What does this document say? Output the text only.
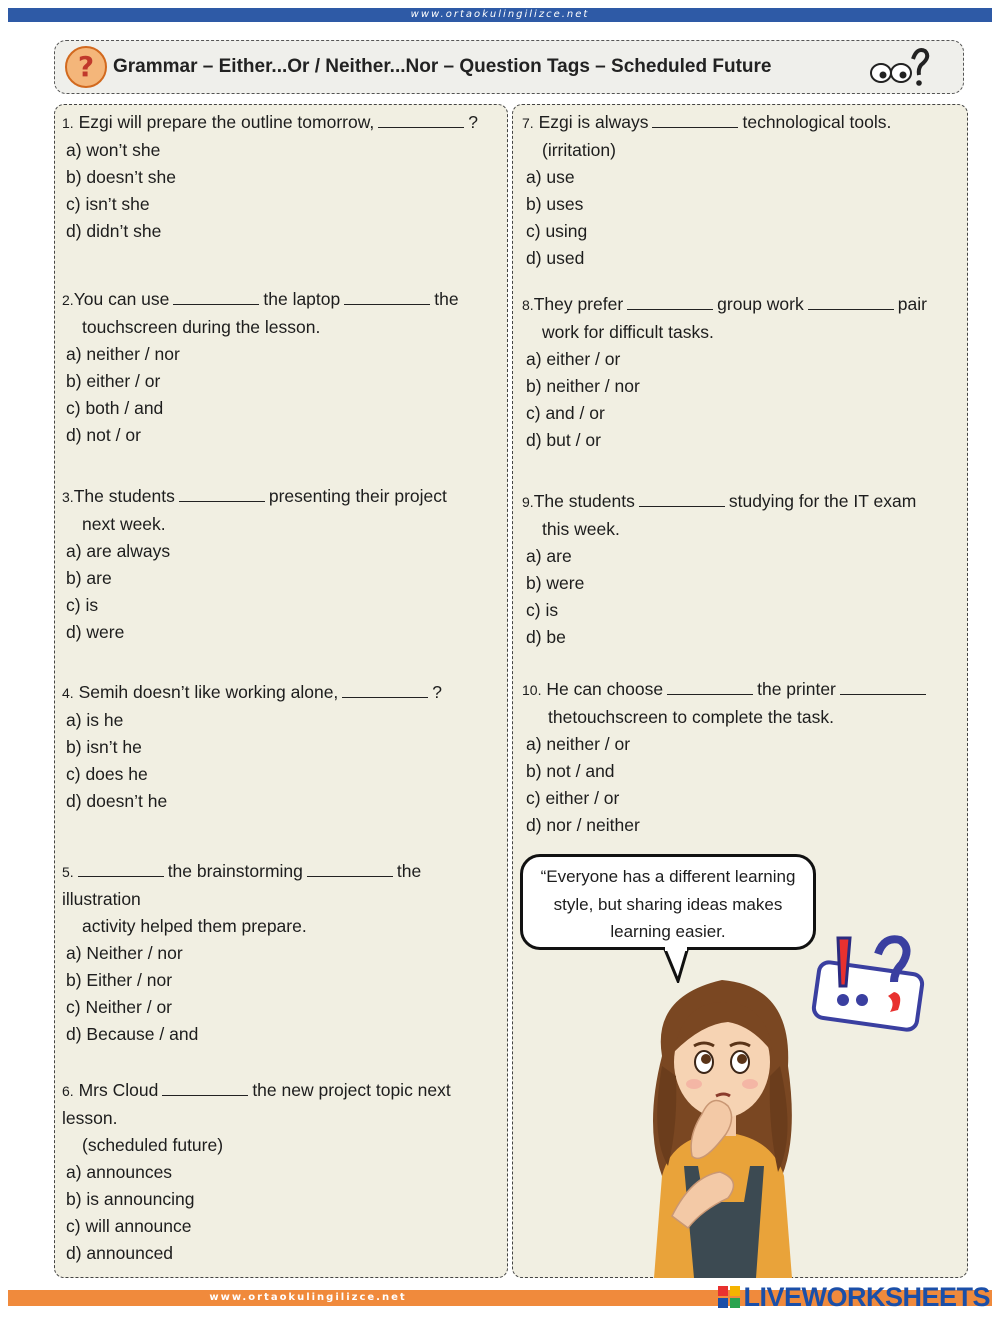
www.ortaokulingilizce.net
? Grammar – Either...Or / Neither...Nor – Question Tags – Scheduled Future
1. Ezgi will prepare the outline tomorrow,	?
a) won’t she
b) doesn’t she
c) isn’t she
d) didn’t she
2.You can use	the laptop	the
touchscreen during the lesson.
a) neither / nor
b) either / or
c) both / and
d) not / or
3.The students	presenting their project
next week.
a) are always
b) are
c) is
d) were
4. Semih doesn’t like working alone,	?
a) is he
b) isn’t he
c) does he
d) doesn’t he
5.	the brainstorming	the
illustration
activity helped them prepare.
a) Neither / nor
b) Either / nor
c) Neither / or
d) Because / and
6. Mrs Cloud	the new project topic next
lesson.
(scheduled future)
a) announces
b) is announcing
c) will announce
d) announced
7. Ezgi is always	technological tools.
(irritation)
a) use
b) uses
c) using
d) used
8.They prefer	group work	pair
work for difficult tasks.
a) either / or
b) neither / nor
c) and / or
d) but / or
9.The students	studying for the IT exam
this week.
a) are
b) were
c) is
d) be
10. He can choose	the printer
thetouchscreen to complete the task.
a) neither / or
b) not / and
c) either / or
d) nor / neither
“Everyone has a different learning
style, but sharing ideas makes
learning easier.
www.ortaokulingilizce.net	LIVEWORKSHEETS
